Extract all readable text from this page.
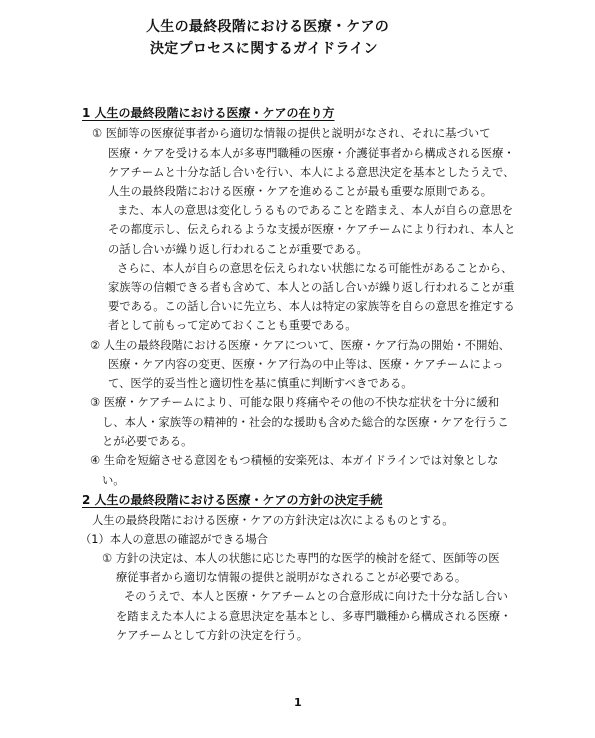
人生の最終段階における医療・ケアの
決定プロセスに関するガイドライン
1 人生の最終段階における医療・ケアの在り方
① 医師等の医療従事者から適切な情報の提供と説明がなされ、それに基づいて
医療・ケアを受ける本人が多専門職種の医療・介護従事者から構成される医療・
ケアチームと十分な話し合いを行い、本人による意思決定を基本としたうえで、
人生の最終段階における医療・ケアを進めることが最も重要な原則である。
また、本人の意思は変化しうるものであることを踏まえ、本人が自らの意思を
その都度示し、伝えられるような支援が医療・ケアチームにより行われ、本人と
の話し合いが繰り返し行われることが重要である。
さらに、本人が自らの意思を伝えられない状態になる可能性があることから、
家族等の信頼できる者も含めて、本人との話し合いが繰り返し行われることが重
要である。この話し合いに先立ち、本人は特定の家族等を自らの意思を推定する
者として前もって定めておくことも重要である。
② 人生の最終段階における医療・ケアについて、医療・ケア行為の開始・不開始、
医療・ケア内容の変更、医療・ケア行為の中止等は、医療・ケアチームによっ
て、医学的妥当性と適切性を基に慎重に判断すべきである。
③ 医療・ケアチームにより、可能な限り疼痛やその他の不快な症状を十分に緩和
し、本人・家族等の精神的・社会的な援助も含めた総合的な医療・ケアを行うこ
とが必要である。
④ 生命を短縮させる意図をもつ積極的安楽死は、本ガイドラインでは対象としな
い。
2 人生の最終段階における医療・ケアの方針の決定手続
人生の最終段階における医療・ケアの方針決定は次によるものとする。
（1）本人の意思の確認ができる場合
① 方針の決定は、本人の状態に応じた専門的な医学的検討を経て、医師等の医
療従事者から適切な情報の提供と説明がなされることが必要である。
そのうえで、本人と医療・ケアチームとの合意形成に向けた十分な話し合い
を踏まえた本人による意思決定を基本とし、多専門職種から構成される医療・
ケアチームとして方針の決定を行う。
1
